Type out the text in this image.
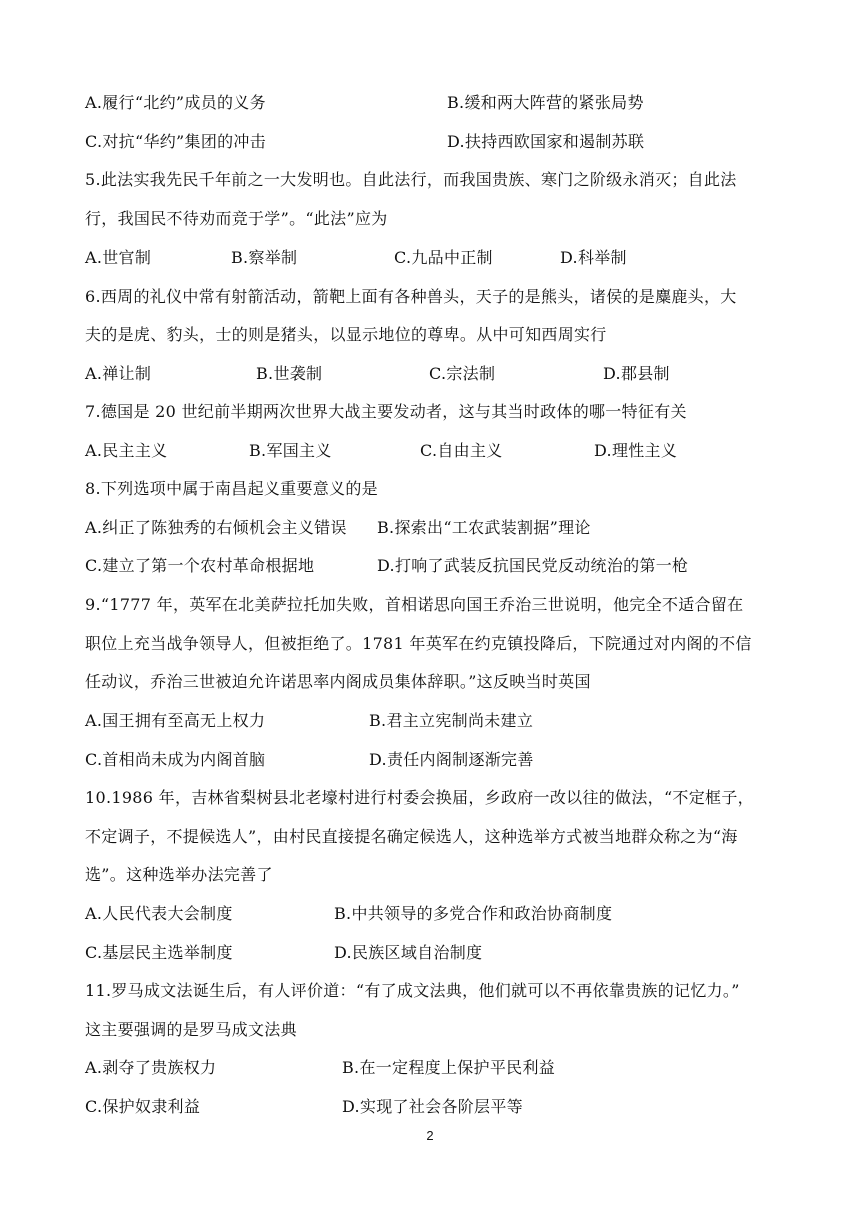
A.履行“北约”成员的义务	B.缓和两大阵营的紧张局势
C.对抗“华约”集团的冲击	D.扶持西欧国家和遏制苏联
5.此法实我先民千年前之一大发明也。自此法行，而我国贵族、寒门之阶级永消灭；自此法
行，我国民不待劝而竞于学”。“此法”应为
A.世官制	B.察举制	C.九品中正制	D.科举制
6.西周的礼仪中常有射箭活动，箭靶上面有各种兽头，天子的是熊头，诸侯的是麋鹿头，大
夫的是虎、豹头，士的则是猪头，以显示地位的尊卑。从中可知西周实行
A.禅让制	B.世袭制	C.宗法制	D.郡县制
7.德国是 20 世纪前半期两次世界大战主要发动者，这与其当时政体的哪一特征有关
A.民主主义	B.军国主义	C.自由主义	D.理性主义
8.下列选项中属于南昌起义重要意义的是
A.纠正了陈独秀的右倾机会主义错误 B.探索出“工农武装割据”理论
C.建立了第一个农村革命根据地	D.打响了武装反抗国民党反动统治的第一枪
9.“1777 年，英军在北美萨拉托加失败，首相诺思向国王乔治三世说明，他完全不适合留在
职位上充当战争领导人，但被拒绝了。1781 年英军在约克镇投降后，下院通过对内阁的不信
任动议，乔治三世被迫允许诺思率内阁成员集体辞职。”这反映当时英国
A.国王拥有至高无上权力	B.君主立宪制尚未建立
C.首相尚未成为内阁首脑	D.责任内阁制逐渐完善
10.1986 年，吉林省梨树县北老壕村进行村委会换届，乡政府一改以往的做法，“不定框子，
不定调子，不提候选人”，由村民直接提名确定候选人，这种选举方式被当地群众称之为“海
选”。这种选举办法完善了
A.人民代表大会制度	B.中共领导的多党合作和政治协商制度
C.基层民主选举制度	D.民族区域自治制度
11.罗马成文法诞生后，有人评价道：“有了成文法典，他们就可以不再依靠贵族的记忆力。”
这主要强调的是罗马成文法典
A.剥夺了贵族权力	B.在一定程度上保护平民利益
C.保护奴隶利益	D.实现了社会各阶层平等
2
